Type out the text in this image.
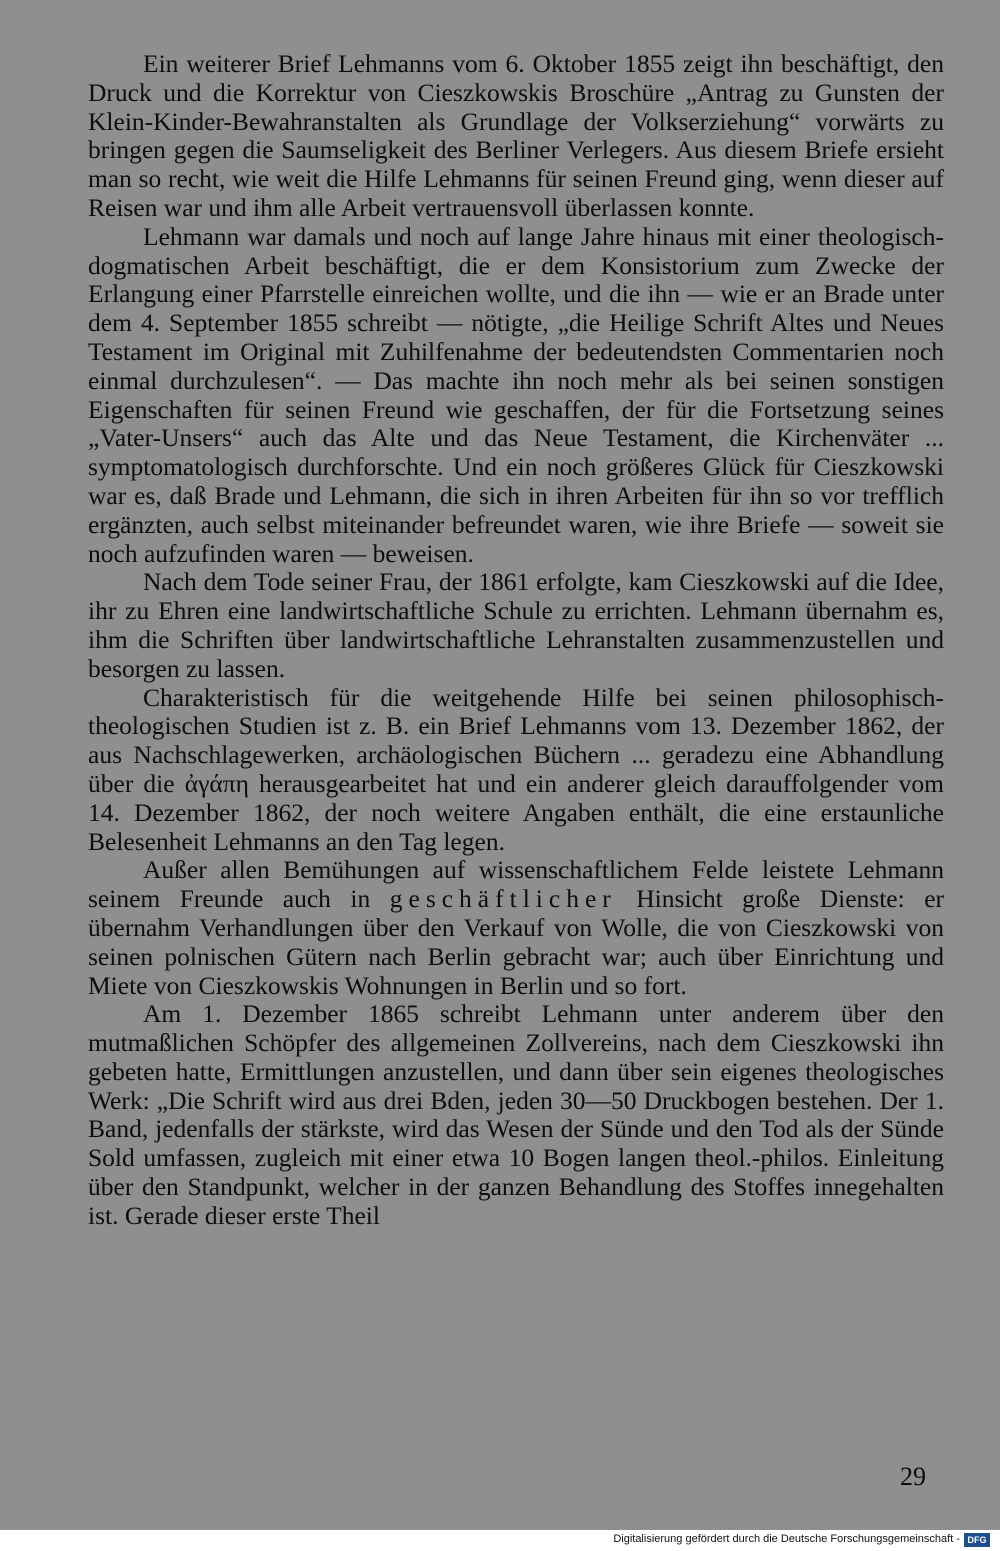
Ein weiterer Brief Lehmanns vom 6. Oktober 1855 zeigt ihn beschäftigt, den Druck und die Korrektur von Cieszkowskis Broschüre „Antrag zu Gunsten der Klein-Kinder-Bewahranstalten als Grundlage der Volkserziehung“ vorwärts zu bringen gegen die Saumseligkeit des Berliner Verlegers. Aus diesem Briefe ersieht man so recht, wie weit die Hilfe Lehmanns für seinen Freund ging, wenn dieser auf Reisen war und ihm alle Arbeit vertrauensvoll überlassen konnte.

Lehmann war damals und noch auf lange Jahre hinaus mit einer theologisch-dogmatischen Arbeit beschäftigt, die er dem Konsistorium zum Zwecke der Erlangung einer Pfarrstelle einreichen wollte, und die ihn — wie er an Brade unter dem 4. September 1855 schreibt — nötigte, „die Heilige Schrift Altes und Neues Testament im Original mit Zuhilfenahme der bedeutendsten Commentarien noch einmal durchzulesen“. — Das machte ihn noch mehr als bei seinen sonstigen Eigenschaften für seinen Freund wie geschaffen, der für die Fortsetzung seines „Vater-Unsers“ auch das Alte und das Neue Testament, die Kirchenväter ... symptomatologisch durchforschte. Und ein noch größeres Glück für Cieszkowski war es, daß Brade und Lehmann, die sich in ihren Arbeiten für ihn so vor trefflich ergänzten, auch selbst miteinander befreundet waren, wie ihre Briefe — soweit sie noch aufzufinden waren — beweisen.

Nach dem Tode seiner Frau, der 1861 erfolgte, kam Cieszkowski auf die Idee, ihr zu Ehren eine landwirtschaftliche Schule zu errichten. Lehmann übernahm es, ihm die Schriften über landwirtschaftliche Lehranstalten zusammenzustellen und besorgen zu lassen.

Charakteristisch für die weitgehende Hilfe bei seinen philosophisch-theologischen Studien ist z. B. ein Brief Lehmanns vom 13. Dezember 1862, der aus Nachschlagewerken, archäologischen Büchern ... geradezu eine Abhandlung über die ἀγάπη herausgearbeitet hat und ein anderer gleich darauffolgender vom 14. Dezember 1862, der noch weitere Angaben enthält, die eine erstaunliche Belesenheit Lehmanns an den Tag legen.

Außer allen Bemühungen auf wissenschaftlichem Felde leistete Lehmann seinem Freunde auch in geschäftlicher Hinsicht große Dienste: er übernahm Verhandlungen über den Verkauf von Wolle, die von Cieszkowski von seinen polnischen Gütern nach Berlin gebracht war; auch über Einrichtung und Miete von Cieszkowskis Wohnungen in Berlin und so fort.

Am 1. Dezember 1865 schreibt Lehmann unter anderem über den mutmaßlichen Schöpfer des allgemeinen Zollvereins, nach dem Cieszkowski ihn gebeten hatte, Ermittlungen anzustellen, und dann über sein eigenes theologisches Werk: „Die Schrift wird aus drei Bden, jeden 30—50 Druckbogen bestehen. Der 1. Band, jedenfalls der stärkste, wird das Wesen der Sünde und den Tod als der Sünde Sold umfassen, zugleich mit einer etwa 10 Bogen langen theol.-philos. Einleitung über den Standpunkt, welcher in der ganzen Behandlung des Stoffes innegehalten ist. Gerade dieser erste Theil

29
Digitalisierung gefördert durch die Deutsche Forschungsgemeinschaft - DFG
